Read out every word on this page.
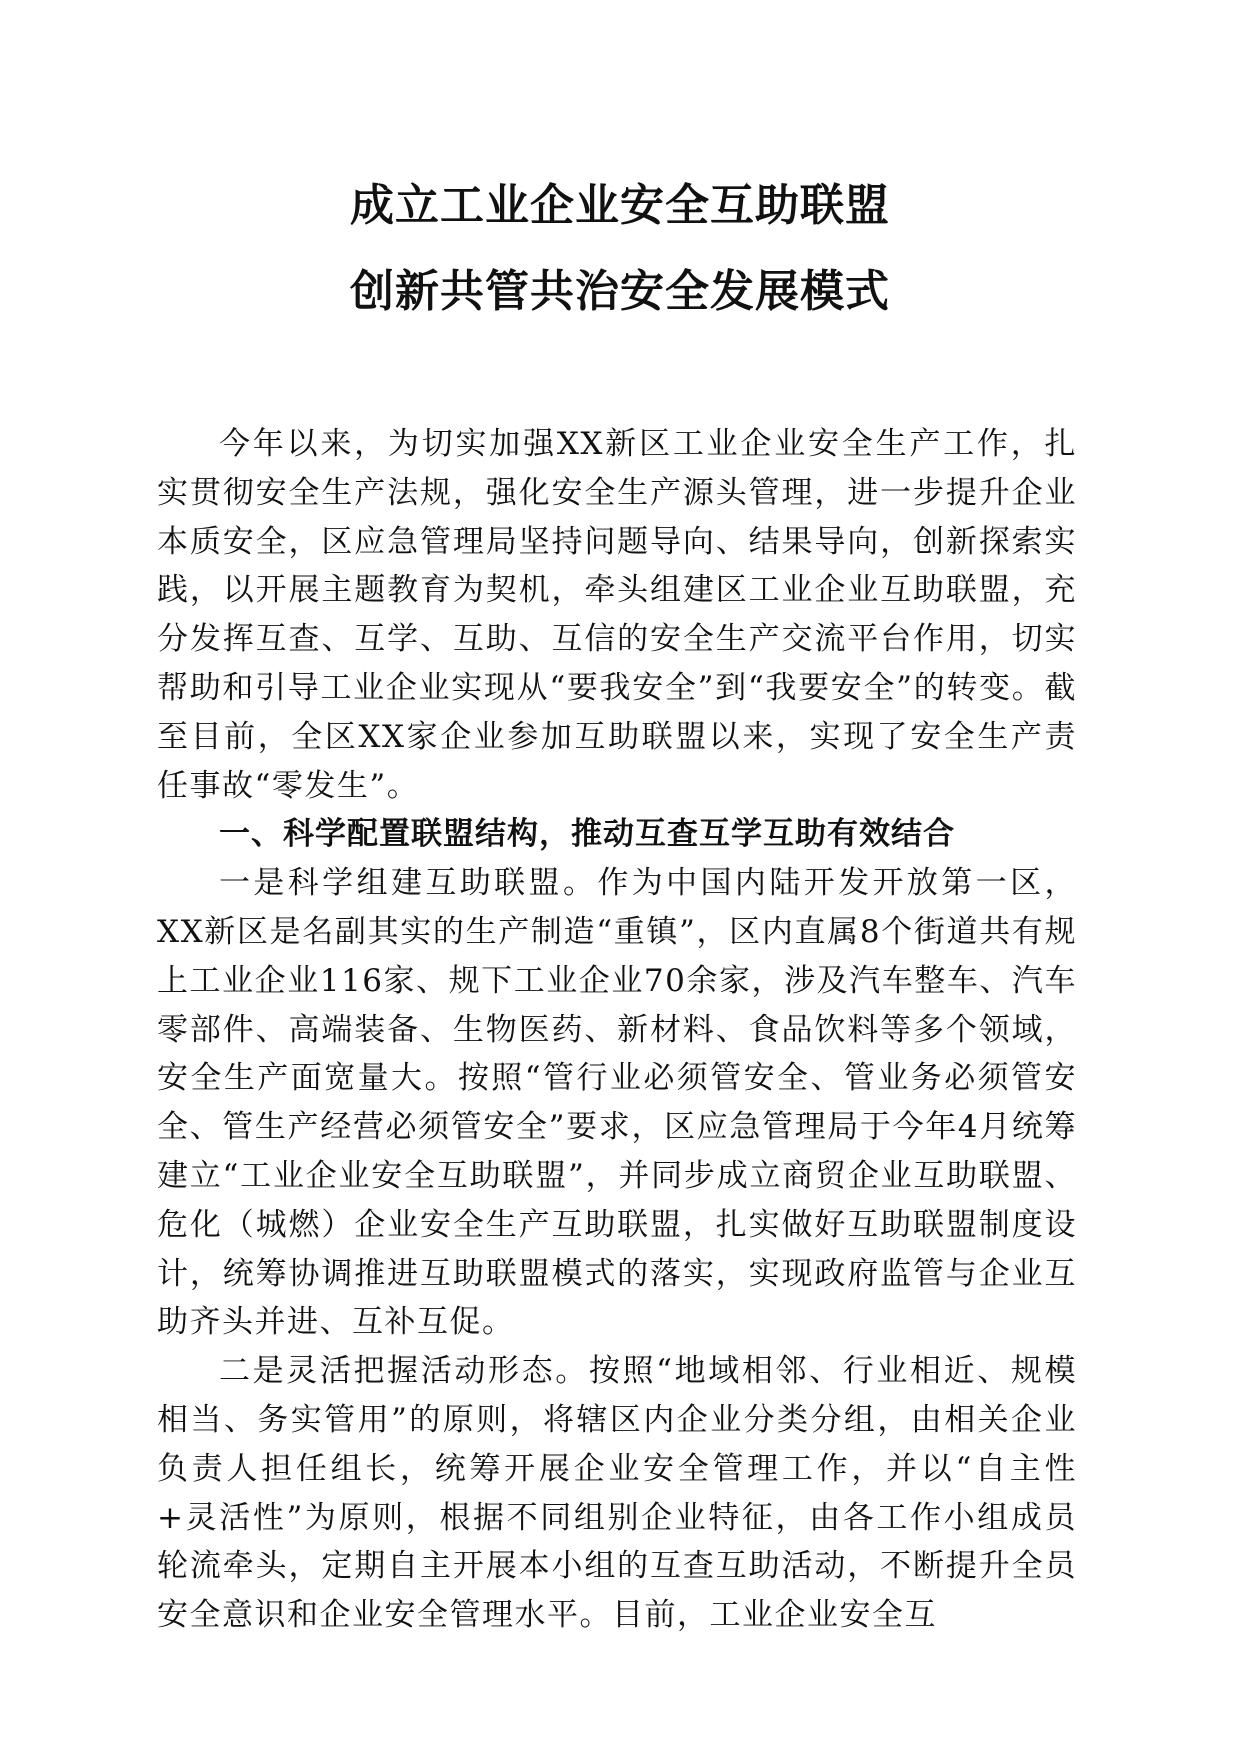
成立工业企业安全互助联盟
创新共管共治安全发展模式

今年以来，为切实加强XX新区工业企业安全生产工作，扎实贯彻安全生产法规，强化安全生产源头管理，进一步提升企业本质安全，区应急管理局坚持问题导向、结果导向，创新探索实践，以开展主题教育为契机，牵头组建区工业企业互助联盟，充分发挥互查、互学、互助、互信的安全生产交流平台作用，切实帮助和引导工业企业实现从“要我安全”到“我要安全”的转变。截至目前，全区XX家企业参加互助联盟以来，实现了安全生产责任事故“零发生”。

一、科学配置联盟结构，推动互查互学互助有效结合

一是科学组建互助联盟。作为中国内陆开发开放第一区，XX新区是名副其实的生产制造“重镇”，区内直属8个街道共有规上工业企业116家、规下工业企业70余家，涉及汽车整车、汽车零部件、高端装备、生物医药、新材料、食品饮料等多个领域，安全生产面宽量大。按照“管行业必须管安全、管业务必须管安全、管生产经营必须管安全”要求，区应急管理局于今年4月统筹建立“工业企业安全互助联盟”，并同步成立商贸企业互助联盟、危化（城燃）企业安全生产互助联盟，扎实做好互助联盟制度设计，统筹协调推进互助联盟模式的落实，实现政府监管与企业互助齐头并进、互补互促。

二是灵活把握活动形态。按照“地域相邻、行业相近、规模相当、务实管用”的原则，将辖区内企业分类分组，由相关企业负责人担任组长，统筹开展企业安全管理工作，并以“自主性+灵活性”为原则，根据不同组别企业特征，由各工作小组成员轮流牵头，定期自主开展本小组的互查互助活动，不断提升全员安全意识和企业安全管理水平。目前，工业企业安全互
